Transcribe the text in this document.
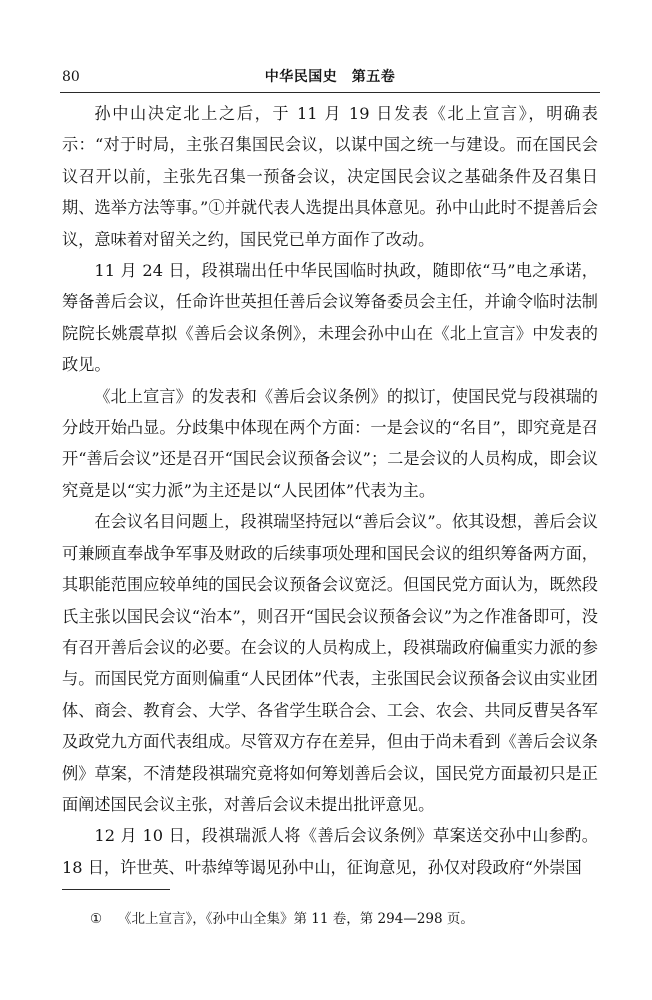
80	中华民国史　第五卷

孙中山决定北上之后，于 11 月 19 日发表《北上宣言》，明确表示：“对于时局，主张召集国民会议，以谋中国之统一与建设。而在国民会议召开以前，主张先召集一预备会议，决定国民会议之基础条件及召集日期、选举方法等事。”①并就代表人选提出具体意见。孙中山此时不提善后会议，意味着对留关之约，国民党已单方面作了改动。

11 月 24 日，段祺瑞出任中华民国临时执政，随即依“马”电之承诺，筹备善后会议，任命许世英担任善后会议筹备委员会主任，并谕令临时法制院院长姚震草拟《善后会议条例》，未理会孙中山在《北上宣言》中发表的政见。

《北上宣言》的发表和《善后会议条例》的拟订，使国民党与段祺瑞的分歧开始凸显。分歧集中体现在两个方面：一是会议的“名目”，即究竟是召开“善后会议”还是召开“国民会议预备会议”；二是会议的人员构成，即会议究竟是以“实力派”为主还是以“人民团体”代表为主。

在会议名目问题上，段祺瑞坚持冠以“善后会议”。依其设想，善后会议可兼顾直奉战争军事及财政的后续事项处理和国民会议的组织筹备两方面，其职能范围应较单纯的国民会议预备会议宽泛。但国民党方面认为，既然段氏主张以国民会议“治本”，则召开“国民会议预备会议”为之作准备即可，没有召开善后会议的必要。在会议的人员构成上，段祺瑞政府偏重实力派的参与。而国民党方面则偏重“人民团体”代表，主张国民会议预备会议由实业团体、商会、教育会、大学、各省学生联合会、工会、农会、共同反曹吴各军及政党九方面代表组成。尽管双方存在差异，但由于尚未看到《善后会议条例》草案，不清楚段祺瑞究竟将如何筹划善后会议，国民党方面最初只是正面阐述国民会议主张，对善后会议未提出批评意见。

12 月 10 日，段祺瑞派人将《善后会议条例》草案送交孙中山参酌。18 日，许世英、叶恭绰等谒见孙中山，征询意见，孙仅对段政府“外崇国

① 《北上宣言》，《孙中山全集》第 11 卷，第 294—298 页。
